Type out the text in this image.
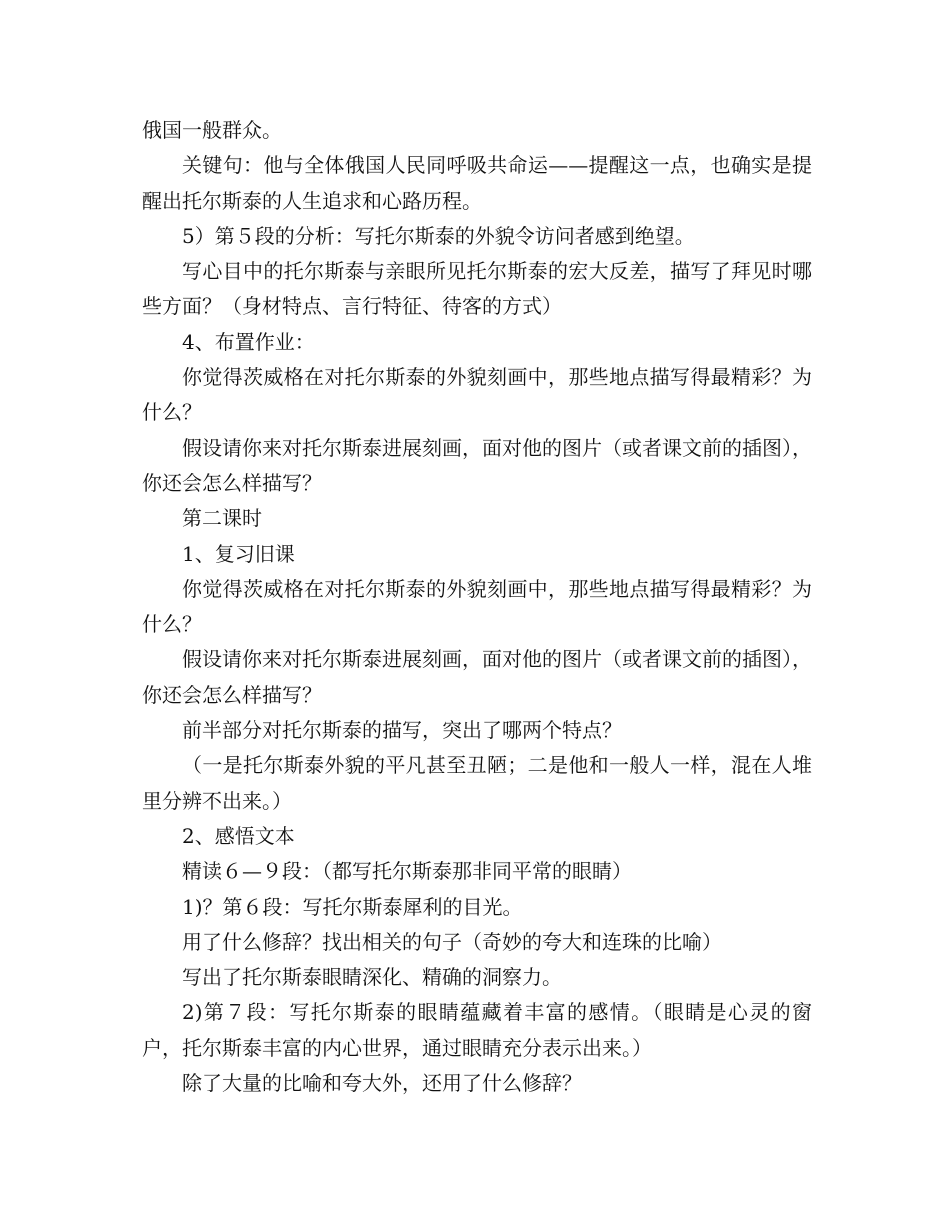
俄国一般群众。

关键句：他与全体俄国人民同呼吸共命运——提醒这一点，也确实是提醒出托尔斯泰的人生追求和心路历程。

5）第５段的分析：写托尔斯泰的外貌令访问者感到绝望。

写心目中的托尔斯泰与亲眼所见托尔斯泰的宏大反差，描写了拜见时哪些方面？（身材特点、言行特征、待客的方式）

4、布置作业：

你觉得茨威格在对托尔斯泰的外貌刻画中，那些地点描写得最精彩？为什么？

假设请你来对托尔斯泰进展刻画，面对他的图片（或者课文前的插图），你还会怎么样描写？

第二课时

1、复习旧课

你觉得茨威格在对托尔斯泰的外貌刻画中，那些地点描写得最精彩？为什么？

假设请你来对托尔斯泰进展刻画，面对他的图片（或者课文前的插图），你还会怎么样描写？

前半部分对托尔斯泰的描写，突出了哪两个特点？

（一是托尔斯泰外貌的平凡甚至丑陋；二是他和一般人一样，混在人堆里分辨不出来。）

2、感悟文本

精读６—９段：（都写托尔斯泰那非同平常的眼睛）

1)？第６段：写托尔斯泰犀利的目光。

用了什么修辞？找出相关的句子（奇妙的夸大和连珠的比喻）

写出了托尔斯泰眼睛深化、精确的洞察力。

2)第７段：写托尔斯泰的眼睛蕴藏着丰富的感情。（眼睛是心灵的窗户，托尔斯泰丰富的内心世界，通过眼睛充分表示出来。）

除了大量的比喻和夸大外，还用了什么修辞？
